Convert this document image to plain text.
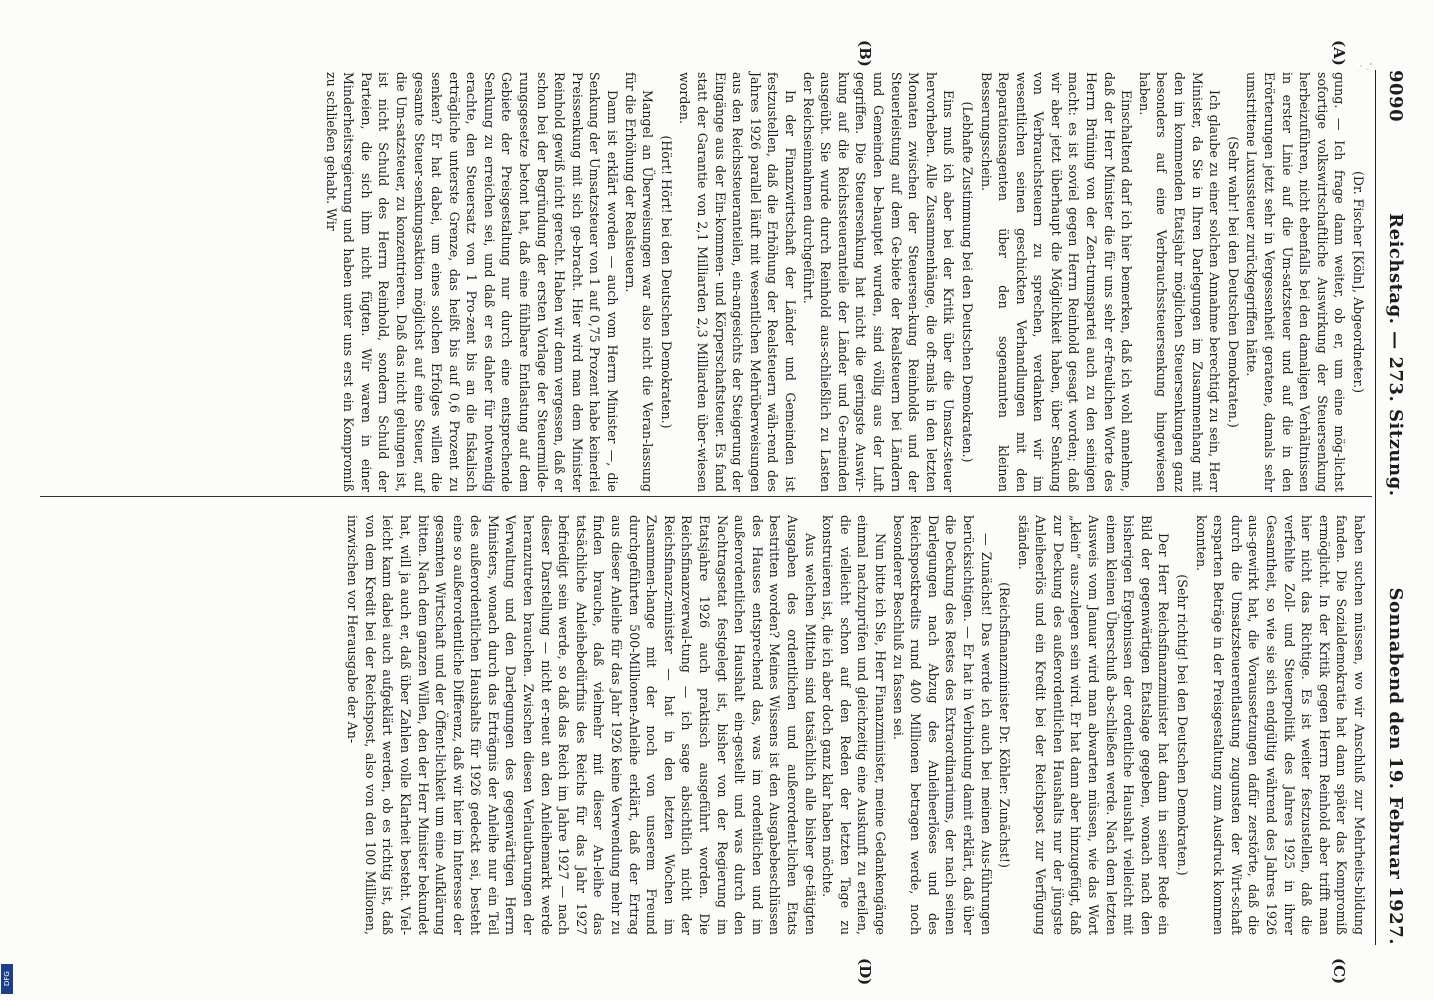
DFG
9090
Reichstag. — 273. Sitzung.
Sonnabend den 19. Februar 1927.
(A)
(B)
(C)
(D)

(Dr. Fischer [Köln], Abgeordneter.)

gung. — Ich frage dann weiter, ob er, um eine mög-lichst sofortige volkswirtschaftliche Auswirkung der Steuersenkung herbeizuführen, nicht ebenfalls bei den damaligen Verhältnissen in erster Linie auf die Um-satzsteuer und auf die in den Erörterungen jetzt sehr in Vergessenheit geratene, damals sehr umstrittene Luxussteuer zurückgegriffen hätte.

(Sehr wahr! bei den Deutschen Demokraten.)

Ich glaube zu einer solchen Annahme berechtigt zu sein, Herr Minister, da Sie in Ihren Darlegungen im Zusammenhang mit den im kommenden Etatsjahr möglichen Steuersenkungen ganz besonders auf eine Verbrauchssteuersenkung hingewiesen haben.

Einschaltend darf ich hier bemerken, daß ich wohl annehme, daß der Herr Minister die für uns sehr er-freulichen Worte des Herrn Brüning von der Zen-trumspartei auch zu den seinigen macht: es ist soviel gegen Herrn Reinhold gesagt worden; daß wir aber jetzt überhaupt die Möglichkeit haben, über Senkung von Verbrauchsteuern zu sprechen, verdanken wir im wesentlichen seinen geschickten Verhandlungen mit den Reparationsagenten über den sogenannten kleinen Besserungsschein.

(Lebhafte Zustimmung bei den Deutschen Demokraten.)

Eins muß ich aber bei der Kritik über die Umsatz-steuer hervorheben. Alle Zusammenhänge, die oft-mals in den letzten Monaten zwischen der Steuersen-kung Reinholds und der Steuerleistung auf dem Ge-biete der Realsteuern bei Ländern und Gemeinden be-hauptet wurden, sind völlig aus der Luft gegriffen. Die Steuersenkung hat nicht die geringste Auswir-kung auf die Reichssteueranteile der Länder und Ge-meinden ausgeübt. Sie wurde durch Reinhold aus-schließlich zu Lasten der Reichseinnahmen durchgeführt.

In der Finanzwirtschaft der Länder und Gemeinden ist festzustellen, daß die Erhöhung der Realsteuern wäh-rend des Jahres 1926 parallel läuft mit wesentlichen Mehrüberweisungen aus den Reichssteueranteilen, ein-angesichts der Steigerung der Eingänge aus der Ein-kommen- und Körperschaftsteuer. Es fand statt der Garantie von 2,1 Milliarden 2,3 Milliarden über-wiesen worden.

(Hört! Hört! bei den Deutschen Demokraten.)

Mangel an Überweisungen war also nicht die Veran-lassung für die Erhöhung der Realsteuern.

Dann ist erklärt worden — auch vom Herrn Minister —, die Senkung der Umsatzsteuer von 1 auf 0,75 Prozent habe keinerlei Preissenkung mit sich ge-bracht. Hier wird man dem Minister Reinhold gewiß nicht gerecht. Haben wir denn vergessen, daß er schon bei der Begründung der ersten Vorlage der Steuermilde-rungsgesetze betont hat, daß eine fühlbare Entlastung auf dem Gebiete der Preisgestaltung nur durch eine entsprechende Senkung zu erreichen sei, und daß er es daher für notwendig erachte, den Steuersatz von 1 Pro-zent bis an die fiskalisch erträgliche unterste Grenze, das heißt bis auf 0,6 Prozent zu senken? Er hat dabei, um eines solchen Erfolges willen die gesamte Steuer-senkungsaktion möglichst auf eine Steuer, auf die Um-satzsteuer, zu konzentrieren. Daß das nicht gelungen ist, ist nicht Schuld des Herrn Reinhold, sondern Schuld der Parteien, die sich ihm nicht fügten. Wir waren in einer Minderheitsregierung und haben unter uns erst ein Kompromiß zu schließen gehabt. Wir

haben suchen müssen, wo wir Anschluß zur Mehrheits-bildung fanden. Die Sozialdemokratie hat dann später das Kompromiß ermöglicht. In der Kritik gegen Herrn Reinhold aber trifft man hier nicht das Richtige. Es ist weiter festzustellen, daß die verfehlte Zoll- und Steuerpolitik des Jahres 1925 in ihrer Gesamtheit, so wie sie sich endgültig während des Jahres 1926 aus-gewirkt hat, die Voraussetzungen dafür zerstörte, daß die durch die Umsatzsteuerentlastung zugunsten der Wirt-schaft ersparten Beträge in der Preisgestaltung zum Ausdruck kommen konnten.

(Sehr richtig! bei den Deutschen Demokraten.)

Der Herr Reichsfinanzminister hat dann in seiner Rede ein Bild der gegenwärtigen Etatslage gegeben, wonach nach den bisherigen Ergebnissen der ordentliche Haushalt vielleicht mit einem kleinen Überschuß ab-schließen werde. Nach dem letzten Ausweis vom Januar wird man abwarten müssen, wie das Wort „klein“ aus-zulegen sein wird. Er hat dann aber hinzugefügt, daß zur Deckung des außerordentlichen Haushalts nur der jüngste Anleiheerlös und ein Kredit bei der Reichspost zur Verfügung ständen.

(Reichsfinanzminister Dr. Köhler: Zunächst!)

— Zunächst! Das werde ich auch bei meinen Aus-führungen berücksichtigen. — Er hat in Verbindung damit erklärt, daß über die Deckung des Restes des Extraordinariums, der nach seinen Darlegungen nach Abzug des Anleiheerlöses und des Reichspostkredits rund 400 Millionen betragen werde, noch besonderer Beschluß zu fassen sei.

Nun bitte ich Sie, Herr Finanzminister, meine Gedankengänge einmal nachzuprüfen und gleichzeitig eine Auskunft zu erteilen, die vielleicht schon auf den Reden der letzten Tage zu konstruieren ist, die ich aber doch ganz klar haben möchte.

Aus welchen Mitteln sind tatsächlich alle bisher ge-tätigten Ausgaben des ordentlichen und außerordent-lichen Etats bestritten worden? Meines Wissens ist den Ausgabebeschlüssen des Hauses entsprechend das, was im ordentlichen und im außerordentlichen Haushalt ein-gestellt und was durch den Nachtragsetat festgelegt ist, bisher von der Regierung im Etatsjahre 1926 auch praktisch ausgeführt worden. Die Reichsfinanzverwal-tung — ich sage absichtlich nicht der Reichsfinanz-minister — hat in den letzten Wochen im Zusammen-hange mit der noch von unserem Freund durchgeführten 500-Millionen-Anleihe erklärt, daß der Ertrag aus dieser Anleihe für das Jahr 1926 keine Verwendung mehr zu finden brauche, daß vielmehr mit dieser An-leihe das tatsächliche Anleihebedürfnis des Reichs für das Jahr 1927 befriedigt sein werde, so daß das Reich im Jahre 1927 — nach dieser Darstellung — nicht er-neut an den Anleihemarkt werde heranzutreten brauchen. Zwischen diesen Verlautbarungen der Verwaltung und den Darlegungen des gegenwärtigen Herrn Ministers, wonach durch das Erträgnis der Anleihe nur ein Teil des außerordentlichen Haushalts für 1926 gedeckt sei, besteht eine so außerordentliche Differenz, daß wir hier im Interesse der gesamten Wirtschaft und der Öffent-lichkeit um eine Aufklärung bitten. Nach dem ganzen Willen, den der Herr Minister bekundet hat, will ja auch er, daß über Zahlen volle Klarheit besteht. Viel-leicht kann dabei auch aufgeklärt werden, ob es richtig ist, daß von dem Kredit bei der Reichspost, also von den 100 Millionen, inzwischen vor Herausgabe der An-
